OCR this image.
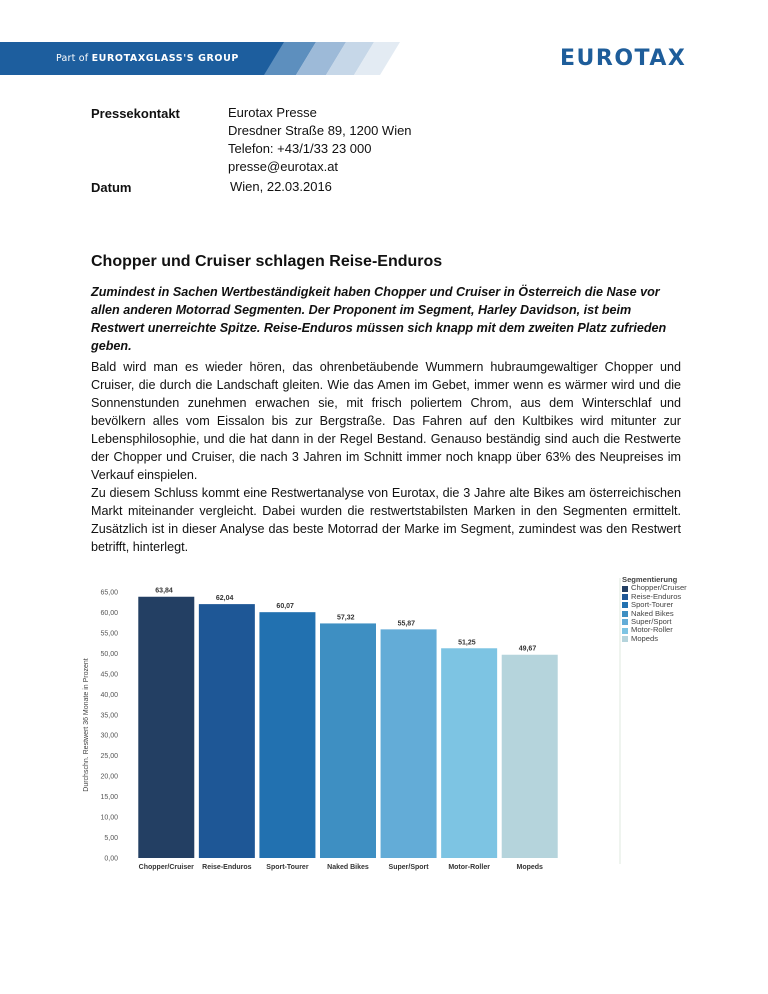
Part of EUROTAXGLASS'S GROUP	EUROTAX
Pressekontakt	Eurotax Presse
Dresdner Straße 89, 1200 Wien
Telefon: +43/1/33 23 000
presse@eurotax.at
Datum	Wien, 22.03.2016
Chopper und Cruiser schlagen Reise-Enduros

Zumindest in Sachen Wertbeständigkeit haben Chopper und Cruiser in Österreich die Nase vor allen anderen Motorrad Segmenten. Der Proponent im Segment, Harley Davidson, ist beim Restwert unerreichte Spitze. Reise-Enduros müssen sich knapp mit dem zweiten Platz zufrieden geben.

Bald wird man es wieder hören, das ohrenbetäubende Wummern hubraumgewaltiger Chopper und Cruiser, die durch die Landschaft gleiten. Wie das Amen im Gebet, immer wenn es wärmer wird und die Sonnenstunden zunehmen erwachen sie, mit frisch poliertem Chrom, aus dem Winterschlaf und bevölkern alles vom Eissalon bis zur Bergstraße. Das Fahren auf den Kultbikes wird mitunter zur Lebensphilosophie, und die hat dann in der Regel Bestand. Genauso beständig sind auch die Restwerte der Chopper und Cruiser, die nach 3 Jahren im Schnitt immer noch knapp über 63% des Neupreises im Verkauf einspielen.

Zu diesem Schluss kommt eine Restwertanalyse von Eurotax, die 3 Jahre alte Bikes am österreichischen Markt miteinander vergleicht. Dabei wurden die restwertstabilsten Marken in den Segmenten ermittelt. Zusätzlich ist in dieser Analyse das beste Motorrad der Marke im Segment, zumindest was den Restwert betrifft, hinterlegt.

Durchschn. Restwert 36 Monate in Prozent
0,00
5,00
10,00
15,00
20,00
25,00
30,00
35,00
40,00
45,00
50,00
55,00
60,00
65,00	63,84
Chopper/Cruiser
62,04
Reise-Enduros
60,07
Sport-Tourer
57,32
Naked Bikes
55,87
Super/Sport
51,25
Motor-Roller
49,67
Mopeds
Segmentierung
Chopper/Cruiser
Reise-Enduros
Sport-Tourer
Naked Bikes
Super/Sport
Motor-Roller
Mopeds
